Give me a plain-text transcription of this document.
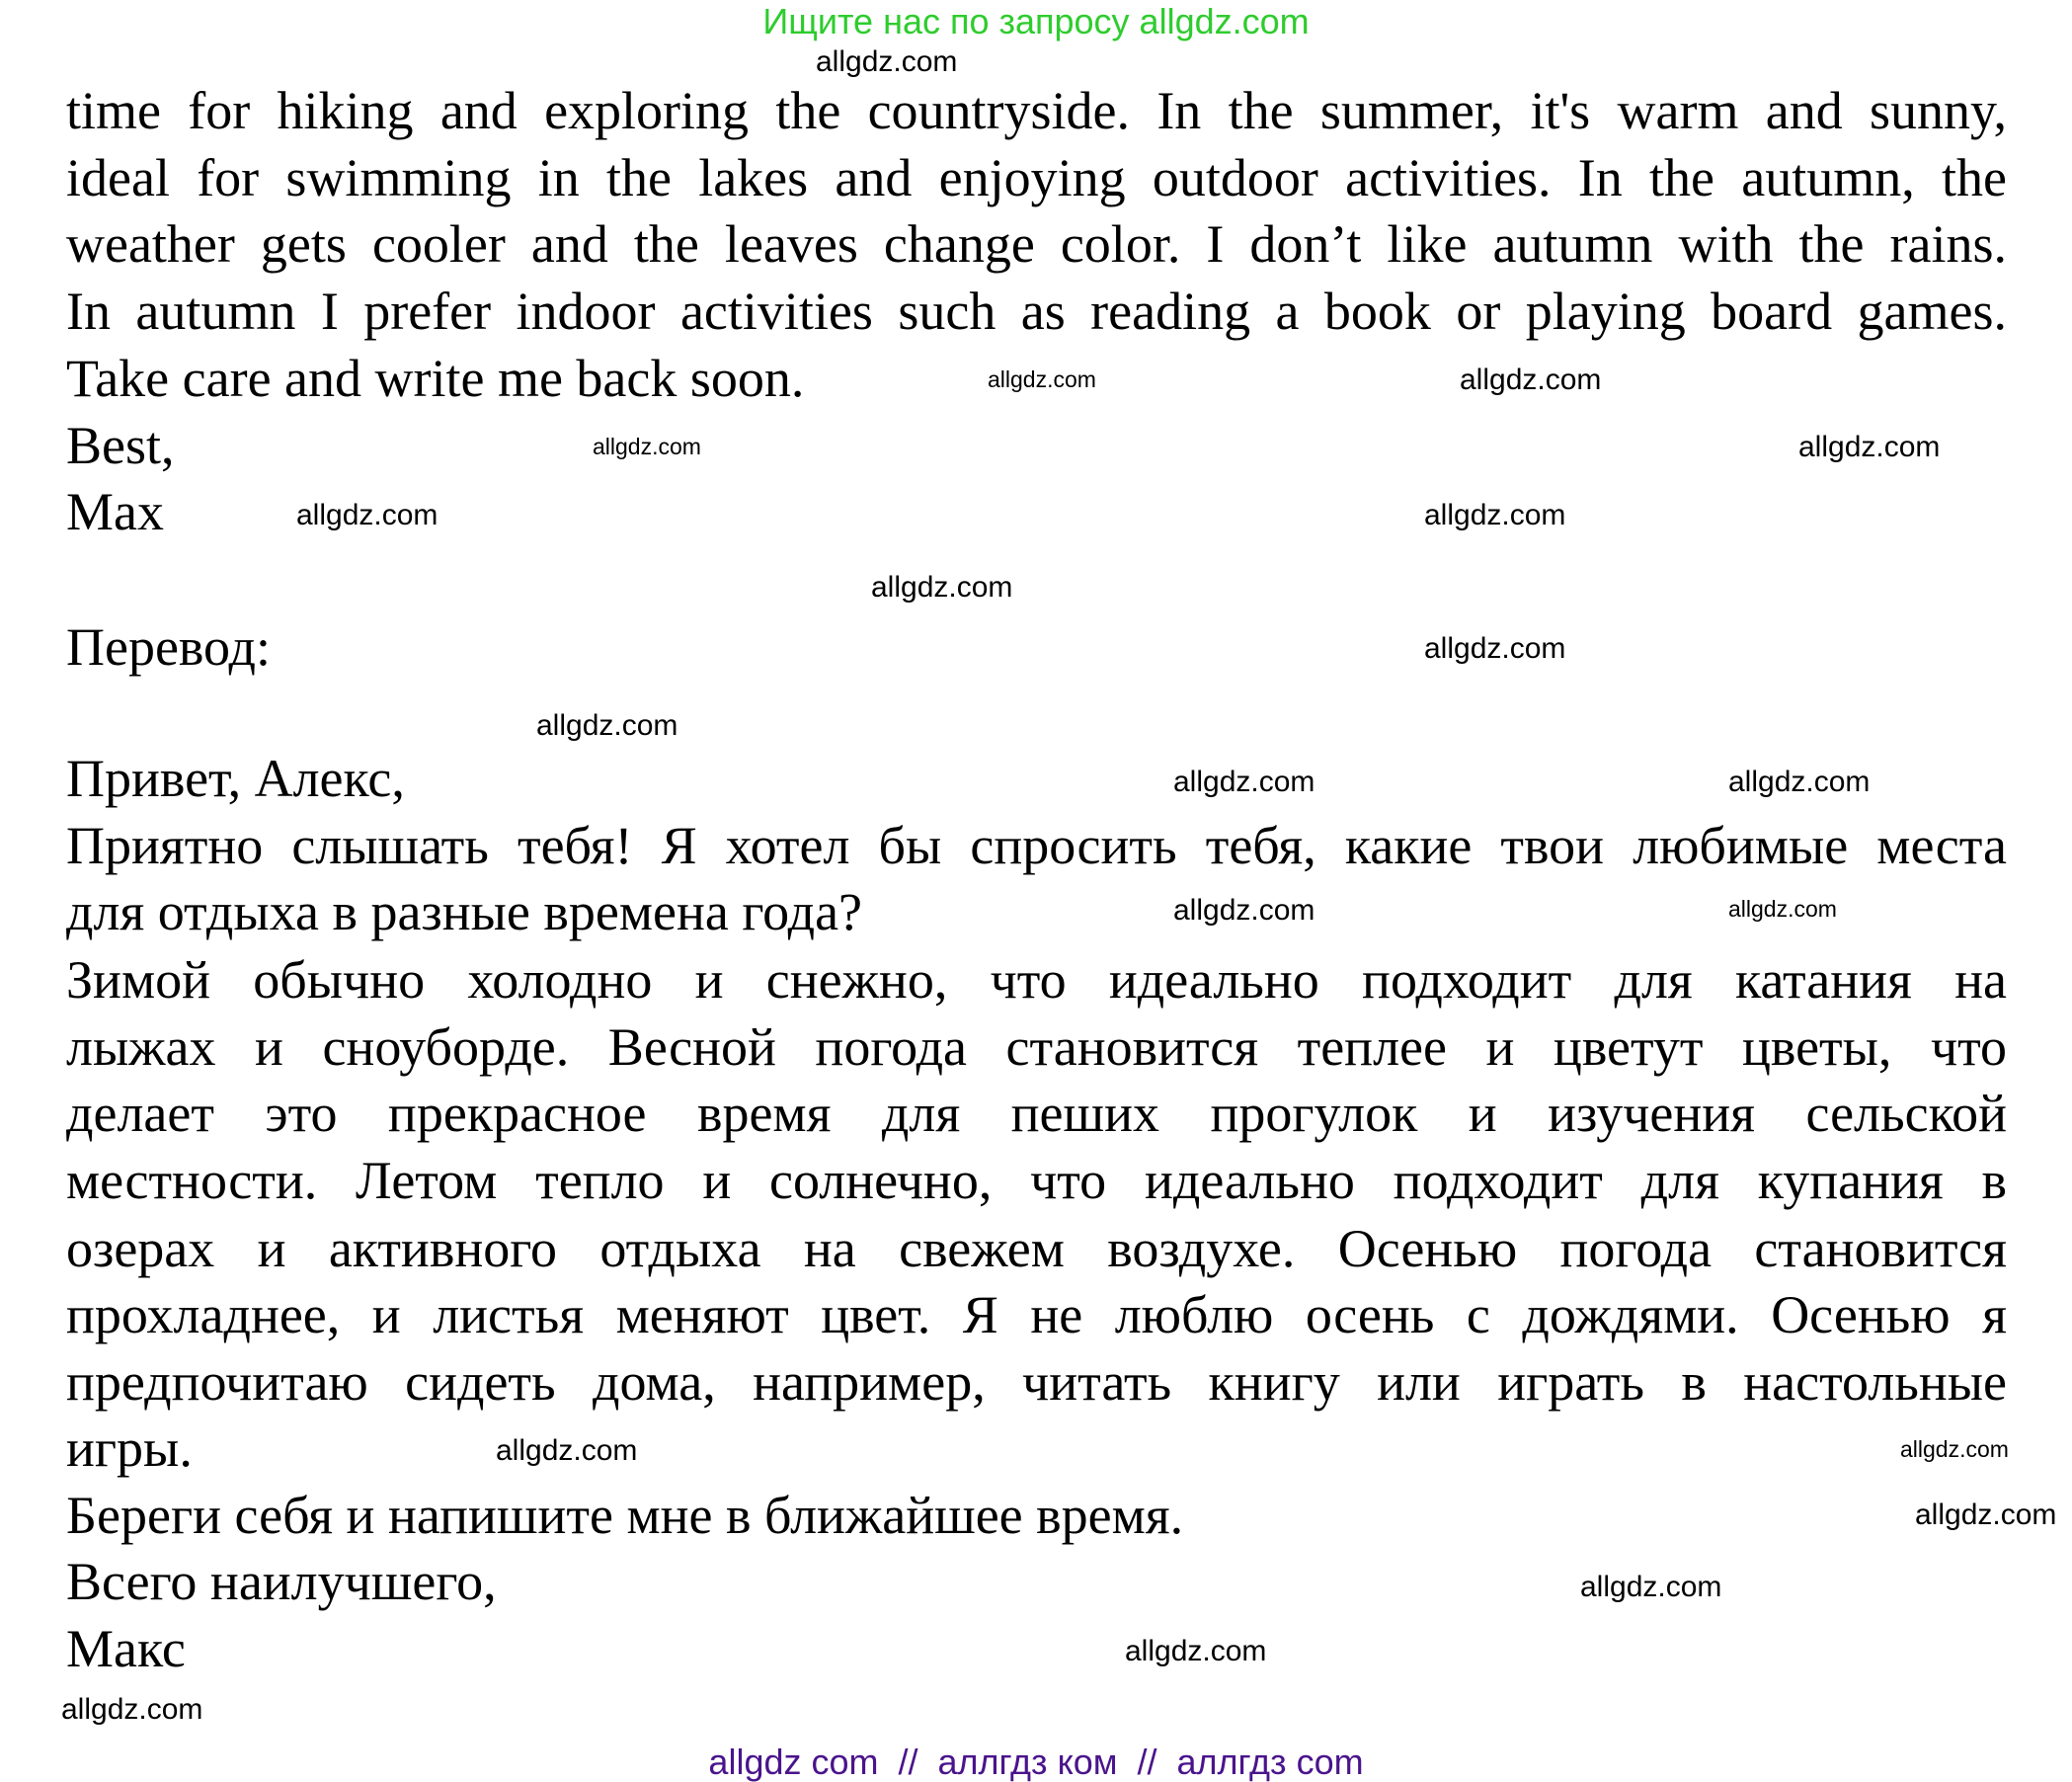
Ищите нас по запросу allgdz.com
time for hiking and exploring the countryside. In the summer, it's warm and sunny,
ideal for swimming in the lakes and enjoying outdoor activities. In the autumn, the
weather gets cooler and the leaves change color. I don’t like autumn with the rains.
In autumn I prefer indoor activities such as reading a book or playing board games.
Take care and write me back soon.
Best,
Max
Перевод:
Привет, Алекс,
Приятно слышать тебя! Я хотел бы спросить тебя, какие твои любимые места
для отдыха в разные времена года?
Зимой обычно холодно и снежно, что идеально подходит для катания на
лыжах и сноуборде. Весной погода становится теплее и цветут цветы, что
делает это прекрасное время для пеших прогулок и изучения сельской
местности. Летом тепло и солнечно, что идеально подходит для купания в
озерах и активного отдыха на свежем воздухе. Осенью погода становится
прохладнее, и листья меняют цвет. Я не люблю осень с дождями. Осенью я
предпочитаю сидеть дома, например, читать книгу или играть в настольные
игры.
Береги себя и напишите мне в ближайшее время.
Всего наилучшего,
Макс
allgdz.com
allgdz.com	allgdz.com
allgdz.com	allgdz.com
allgdz.com	allgdz.com
allgdz.com
allgdz.com
allgdz.com
allgdz.com
allgdz.com
allgdz.com	allgdz.com
allgdz.com	allgdz.com
allgdz.com
allgdz.com
allgdz.com
allgdz.com
allgdz com  //  аллгдз ком  //  аллгдз com
